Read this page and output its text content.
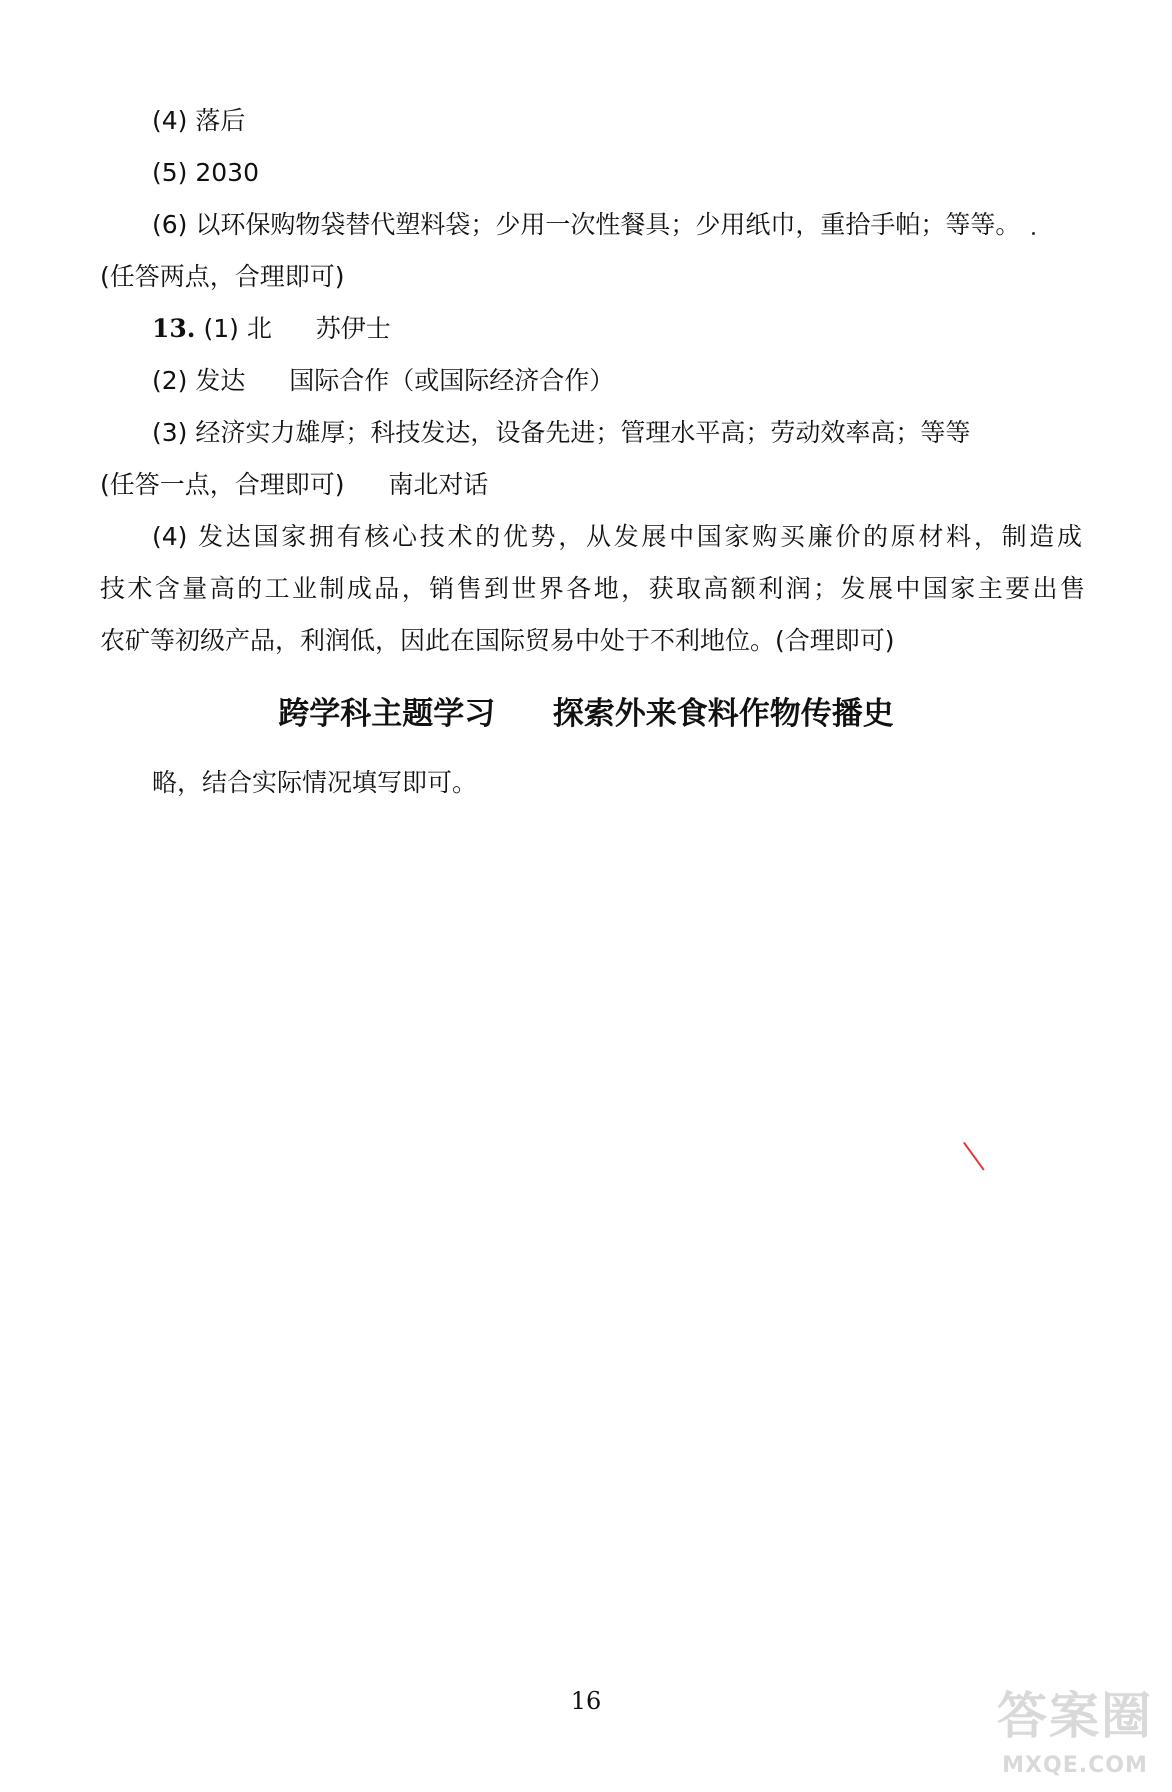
(4) 落后
(5) 2030
(6) 以环保购物袋替代塑料袋；少用一次性餐具；少用纸巾，重拾手帕；等等。
(任答两点，合理即可)
13. (1) 北 苏伊士
(2) 发达 国际合作（或国际经济合作）
(3) 经济实力雄厚；科技发达，设备先进；管理水平高；劳动效率高；等等
(任答一点，合理即可) 南北对话
(4) 发达国家拥有核心技术的优势，从发展中国家购买廉价的原材料，制造成
技术含量高的工业制成品，销售到世界各地，获取高额利润；发展中国家主要出售
农矿等初级产品，利润低，因此在国际贸易中处于不利地位。(合理即可)
跨学科主题学习 探索外来食料作物传播史
略，结合实际情况填写即可。
16	答案圈
MXQE.COM
